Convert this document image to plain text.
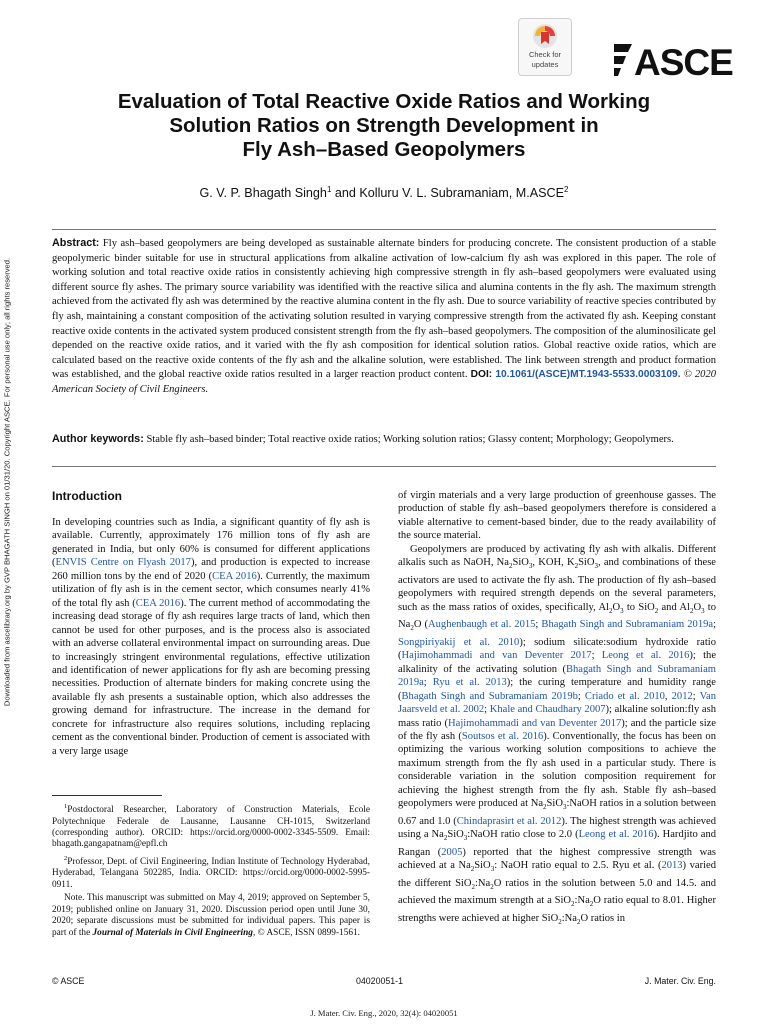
Downloaded from ascelibrary.org by GVP BHAGATH SINGH on 01/31/20. Copyright ASCE. For personal use only; all rights reserved.
Check for
updates	ASCE
Evaluation of Total Reactive Oxide Ratios and Working
Solution Ratios on Strength Development in
Fly Ash–Based Geopolymers
G. V. P. Bhagath Singh$^1$ and Kolluru V. L. Subramaniam, M.ASCE$^2$
Abstract: Fly ash–based geopolymers are being developed as sustainable alternate binders for producing concrete. The consistent production of a stable geopolymeric binder suitable for use in structural applications from alkaline activation of low-calcium fly ash was explored in this paper. The role of working solution and total reactive oxide ratios in consistently achieving high compressive strength in fly ash–based geopolymers were evaluated using different source fly ashes. The primary source variability was identified with the reactive silica and alumina contents in the fly ash. The maximum strength achieved from the activated fly ash was determined by the reactive alumina content in the fly ash. Due to source variability of reactive species contributed by fly ash, maintaining a constant composition of the activating solution resulted in varying compressive strength from the activated fly ash. Keeping constant reactive oxide contents in the activated system produced consistent strength from the fly ash–based geopolymers. The composition of the aluminosilicate gel depended on the reactive oxide ratios, and it varied with the fly ash composition for identical solution ratios. Global reactive oxide ratios, which are calculated based on the reactive oxide contents of the fly ash and the alkaline solution, were established. The link between strength and product formation was established, and the global reactive oxide ratios resulted in a larger reaction product content. DOI: 10.1061/(ASCE)MT.1943-5533.0003109. © 2020 American Society of Civil Engineers.
Author keywords: Stable fly ash–based binder; Total reactive oxide ratios; Working solution ratios; Glassy content; Morphology; Geopolymers.
Introduction

In developing countries such as India, a significant quantity of fly ash is available. Currently, approximately 176 million tons of fly ash are generated in India, but only 60% is consumed for different applications (ENVIS Centre on Flyash 2017), and production is expected to increase 260 million tons by the end of 2020 (CEA 2016). Currently, the maximum utilization of fly ash is in the cement sector, which consumes nearly 41% of the total fly ash (CEA 2016). The current method of accommodating the increasing dead storage of fly ash requires large tracts of land, which then cannot be used for other purposes, and is the process also is associated with an adverse collateral environmental impact on surrounding areas. Due to increasingly stringent environmental regulations, effective utilization and identification of newer applications for fly ash are becoming pressing necessities. Production of alternate binders for making concrete using the available fly ash presents a sustainable option, which also addresses the growing demand for infrastructure. The increase in the demand for concrete for infrastructure also requires solutions, including replacing cement as the conventional binder. Production of cement is associated with a very large usage

of virgin materials and a very large production of greenhouse gasses. The production of stable fly ash–based geopolymers therefore is considered a viable alternative to cement-based binder, due to the ready availability of the source material.

Geopolymers are produced by activating fly ash with alkalis. Different alkalis such as NaOH, $Na_2SiO_3$, KOH, $K_2SiO_3$, and combinations of these activators are used to activate the fly ash. The production of fly ash–based geopolymers with required strength depends on the several parameters, such as the mass ratios of oxides, specifically, $Al_2O_3$ to SiO$_2$ and $Al_2O_3$ to $Na_2O$ (Aughenbaugh et al. 2015; Bhagath Singh and Subramaniam 2019a; Songpiriyakij et al. 2010); sodium silicate:sodium hydroxide ratio (Hajimohammadi and van Deventer 2017; Leong et al. 2016); the alkalinity of the activating solution (Bhagath Singh and Subramaniam 2019a; Ryu et al. 2013); the curing temperature and humidity range (Bhagath Singh and Subramaniam 2019b; Criado et al. 2010, 2012; Van Jaarsveld et al. 2002; Khale and Chaudhary 2007); alkaline solution:fly ash mass ratio (Hajimohammadi and van Deventer 2017); and the particle size of the fly ash (Soutsos et al. 2016). Conventionally, the focus has been on optimizing the various working solution compositions to achieve the maximum strength from the fly ash used in a particular study. There is considerable variation in the solution composition requirement for achieving the highest strength from the fly ash. Stable fly ash–based geopolymers were produced at $Na_2SiO_3:NaOH$ ratios in a solution between 0.67 and 1.0 (Chindaprasirt et al. 2012). The highest strength was achieved using a $Na_2SiO_3:NaOH$ ratio close to 2.0 (Leong et al. 2016). Hardjito and Rangan (2005) reported that the highest compressive strength was achieved at a $Na_2SiO_3$: NaOH ratio equal to 2.5. Ryu et al. (2013) varied the different $SiO_2:Na_2O$ ratios in the solution between 5.0 and 14.5. and achieved the maximum strength at a $SiO_2:Na_2O$ ratio equal to 8.01. Higher strengths were achieved at higher $SiO_2:Na_2O$ ratios in

$^1$Postdoctoral Researcher, Laboratory of Construction Materials, Ecole Polytechnique Federale de Lausanne, Lausanne CH-1015, Switzerland (corresponding author). ORCID: https://orcid.org/0000-0002-3345-5509. Email: bhagath.gangapatnam@epfl.ch

$^2$Professor, Dept. of Civil Engineering, Indian Institute of Technology Hyderabad, Hyderabad, Telangana 502285, India. ORCID: https://orcid.org/0000-0002-5995-0911.

Note. This manuscript was submitted on May 4, 2019; approved on September 5, 2019; published online on January 31, 2020. Discussion period open until June 30, 2020; separate discussions must be submitted for individual papers. This paper is part of the Journal of Materials in Civil Engineering, © ASCE, ISSN 0899-1561.

© ASCE	04020051-1	J. Mater. Civ. Eng.
J. Mater. Civ. Eng., 2020, 32(4): 04020051
